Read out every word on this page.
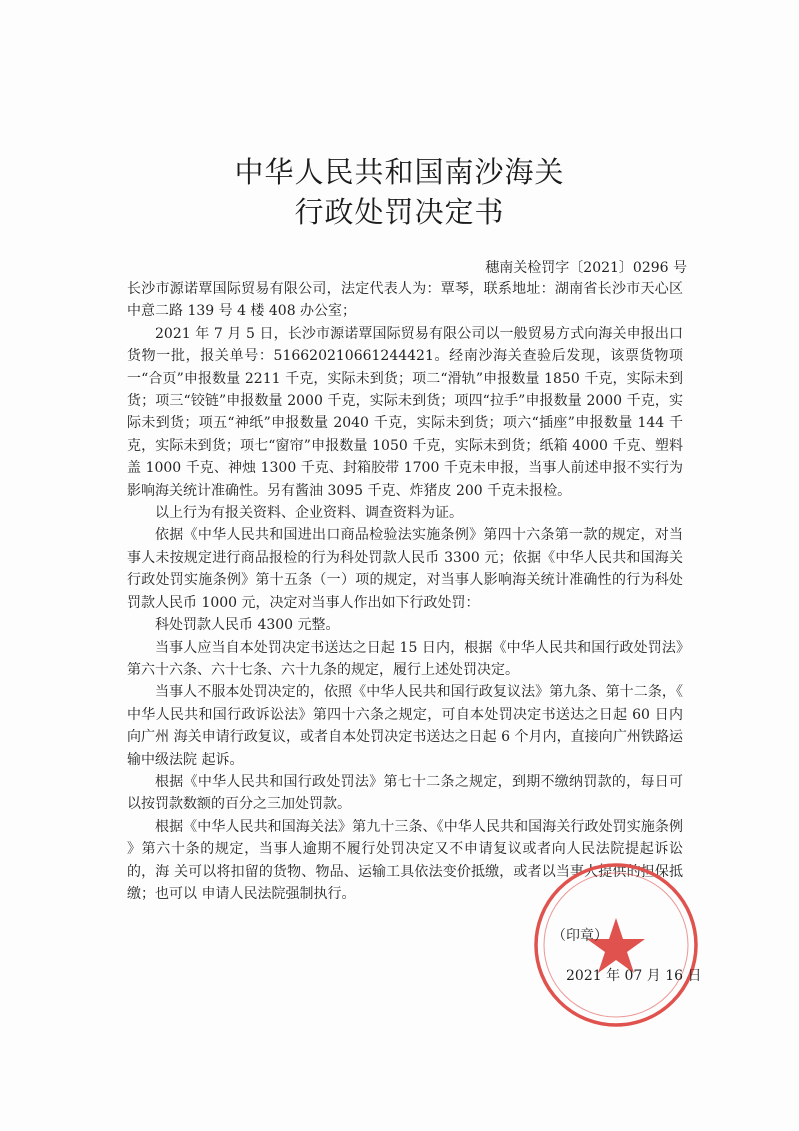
中华人民共和国南沙海关
行政处罚决定书
穗南关检罚字〔2021〕0296 号

长沙市源诺覃国际贸易有限公司，法定代表人为：覃琴，联系地址：湖南省长沙市天心区中意二路 139 号 4 楼 408 办公室；

2021 年 7 月 5 日，长沙市源诺覃国际贸易有限公司以一般贸易方式向海关申报出口货物一批，报关单号：516620210661244421。经南沙海关查验后发现，该票货物项一“合页”申报数量 2211 千克，实际未到货；项二“滑轨”申报数量 1850 千克，实际未到货；项三“铰链”申报数量 2000 千克，实际未到货；项四“拉手”申报数量 2000 千克，实际未到货；项五“神纸”申报数量 2040 千克，实际未到货；项六“插座”申报数量 144 千克，实际未到货；项七“窗帘”申报数量 1050 千克，实际未到货；纸箱 4000 千克、塑料盖 1000 千克、神烛 1300 千克、封箱胶带 1700 千克未申报，当事人前述申报不实行为影响海关统计准确性。另有酱油 3095 千克、炸猪皮 200 千克未报检。

以上行为有报关资料、企业资料、调查资料为证。

依据《中华人民共和国进出口商品检验法实施条例》第四十六条第一款的规定，对当事人未按规定进行商品报检的行为科处罚款人民币 3300 元；依据《中华人民共和国海关行政处罚实施条例》第十五条（一）项的规定，对当事人影响海关统计准确性的行为科处罚款人民币 1000 元，决定对当事人作出如下行政处罚：

科处罚款人民币 4300 元整。

当事人应当自本处罚决定书送达之日起 15 日内，根据《中华人民共和国行政处罚法》第六十六条、六十七条、六十九条的规定，履行上述处罚决定。

当事人不服本处罚决定的，依照《中华人民共和国行政复议法》第九条、第十二条，《 中华人民共和国行政诉讼法》第四十六条之规定，可自本处罚决定书送达之日起 60 日内向广州 海关申请行政复议，或者自本处罚决定书送达之日起 6 个月内，直接向广州铁路运输中级法院 起诉。

根据《中华人民共和国行政处罚法》第七十二条之规定，到期不缴纳罚款的，每日可以按罚款数额的百分之三加处罚款。

根据《中华人民共和国海关法》第九十三条、《中华人民共和国海关行政处罚实施条例 》第六十条的规定，当事人逾期不履行处罚决定又不申请复议或者向人民法院提起诉讼的，海 关可以将扣留的货物、物品、运输工具依法变价抵缴，或者以当事人提供的担保抵缴；也可以 申请人民法院强制执行。

（印章）
2021 年 07 月 16 日
